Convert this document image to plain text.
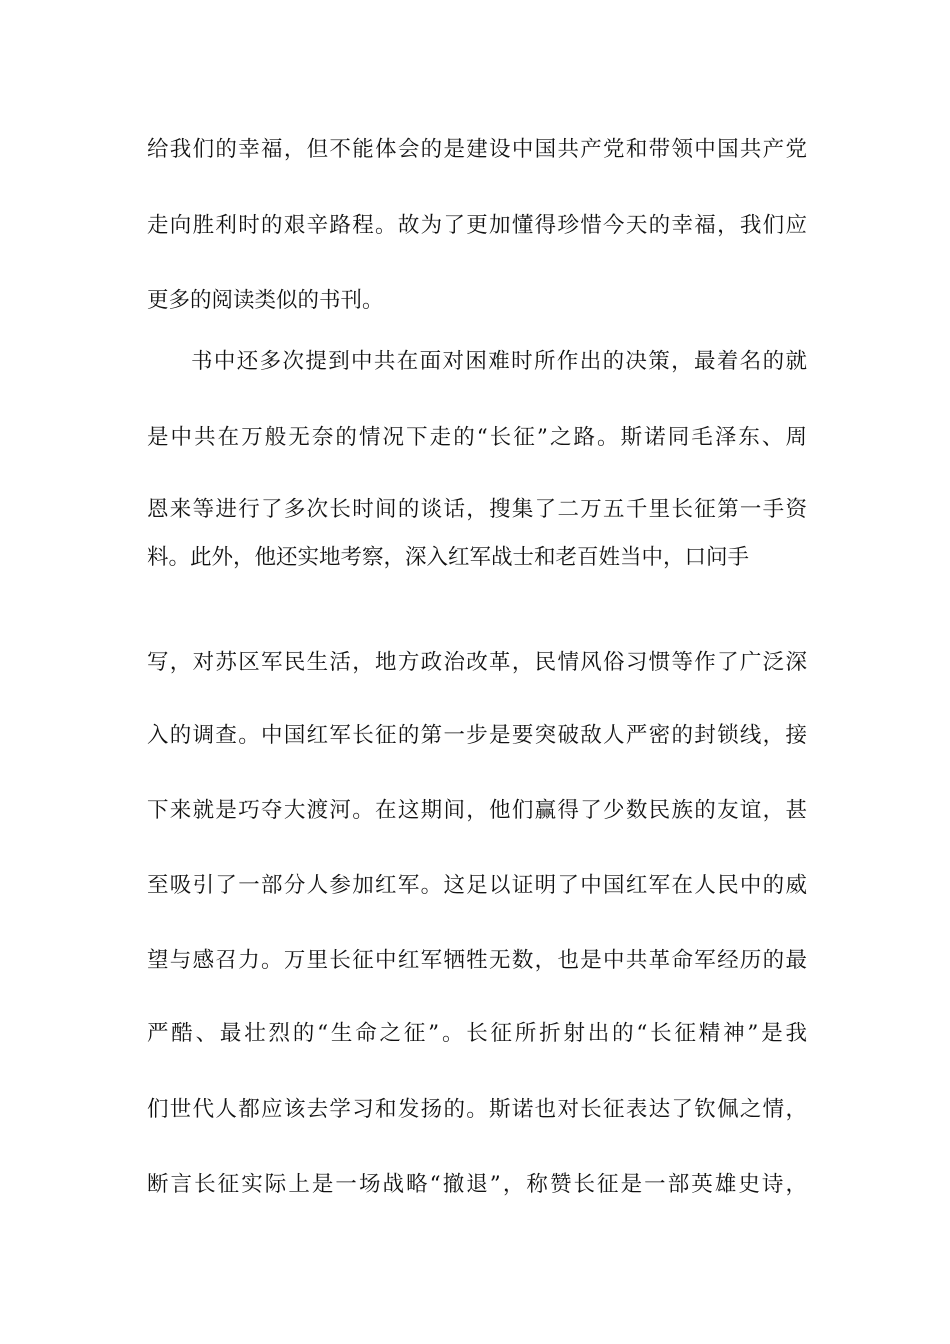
给我们的幸福，但不能体会的是建设中国共产党和带领中国共产党
走向胜利时的艰辛路程。故为了更加懂得珍惜今天的幸福，我们应
更多的阅读类似的书刊。
书中还多次提到中共在面对困难时所作出的决策，最着名的就
是中共在万般无奈的情况下走的“长征”之路。斯诺同毛泽东、周
恩来等进行了多次长时间的谈话，搜集了二万五千里长征第一手资
料。此外，他还实地考察，深入红军战士和老百姓当中，口问手
写，对苏区军民生活，地方政治改革，民情风俗习惯等作了广泛深
入的调查。中国红军长征的第一步是要突破敌人严密的封锁线，接
下来就是巧夺大渡河。在这期间，他们赢得了少数民族的友谊，甚
至吸引了一部分人参加红军。这足以证明了中国红军在人民中的威
望与感召力。万里长征中红军牺牲无数，也是中共革命军经历的最
严酷、最壮烈的“生命之征”。长征所折射出的“长征精神”是我
们世代人都应该去学习和发扬的。斯诺也对长征表达了钦佩之情，
断言长征实际上是一场战略“撤退”，称赞长征是一部英雄史诗，
